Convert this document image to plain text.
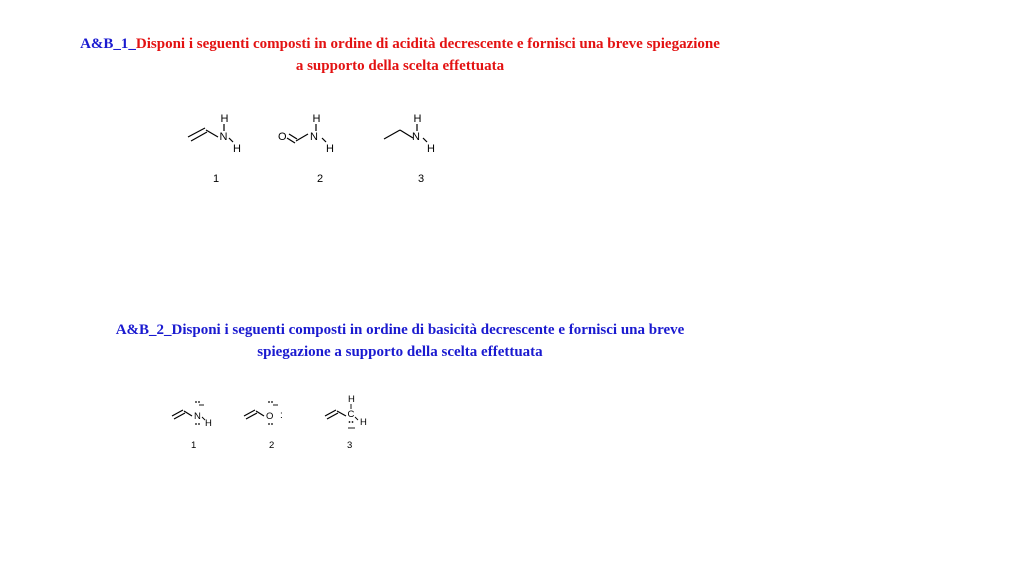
A&B_1_Disponi i seguenti composti in ordine di acidità decrescente e fornisci una breve spiegazione
a supporto della scelta effettuata
H
N
H
1
O
H
N
H
2
H
N
H
3
A&B_2_Disponi i seguenti composti in ordine di basicità decrescente e fornisci una breve
spiegazione a supporto della scelta effettuata
N
H
1
O :
2
H
C
H
3
